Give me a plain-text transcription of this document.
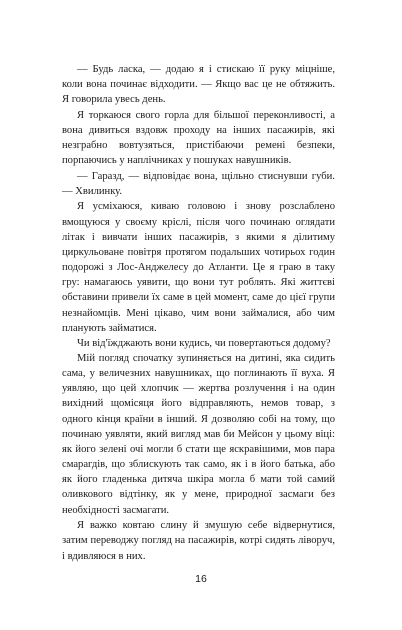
— Будь ласка, — додаю я і стискаю її руку міцніше, коли вона починає відходити. — Якщо вас це не обтяжить. Я говорила увесь день.

Я торкаюся свого горла для більшої переконливості, а вона дивиться вздовж проходу на інших пасажирів, які незграбно вовтузяться, пристібаючи ремені безпеки, порпаючись у наплічниках у пошуках навушників.

— Гаразд, — відповідає вона, щільно стиснувши губи. — Хвилинку.

Я усміхаюся, киваю головою і знову розслаблено вмощуюся у своєму кріслі, після чого починаю оглядати літак і вивчати інших пасажирів, з якими я ділитиму циркульоване повітря протягом подальших чотирьох годин подорожі з Лос-Анджелесу до Атланти. Це я граю в таку гру: намагаюсь уявити, що вони тут роблять. Які життєві обставини привели їх саме в цей момент, саме до цієї групи незнайомців. Мені цікаво, чим вони займалися, або чим планують займатися.

Чи від'їжджають вони кудись, чи повертаються додому?

Мій погляд спочатку зупиняється на дитині, яка сидить сама, у величезних навушниках, що поглинають її вуха. Я уявляю, що цей хлопчик — жертва розлучення і на один вихідний щомісяця його відправляють, немов товар, з одного кінця країни в інший. Я дозволяю собі на тому, що починаю уявляти, який вигляд мав би Мейсон у цьому віці: як його зелені очі могли б стати ще яскравішими, мов пара смарагдів, що зблискують так само, як і в його батька, або як його гладенька дитяча шкіра могла б мати той самий оливкового відтінку, як у мене, природної засмаги без необхідності засмагати.

Я важко ковтаю слину й змушую себе відвернутися, затим переводжу погляд на пасажирів, котрі сидять ліворуч, і вдивляюся в них.

16
